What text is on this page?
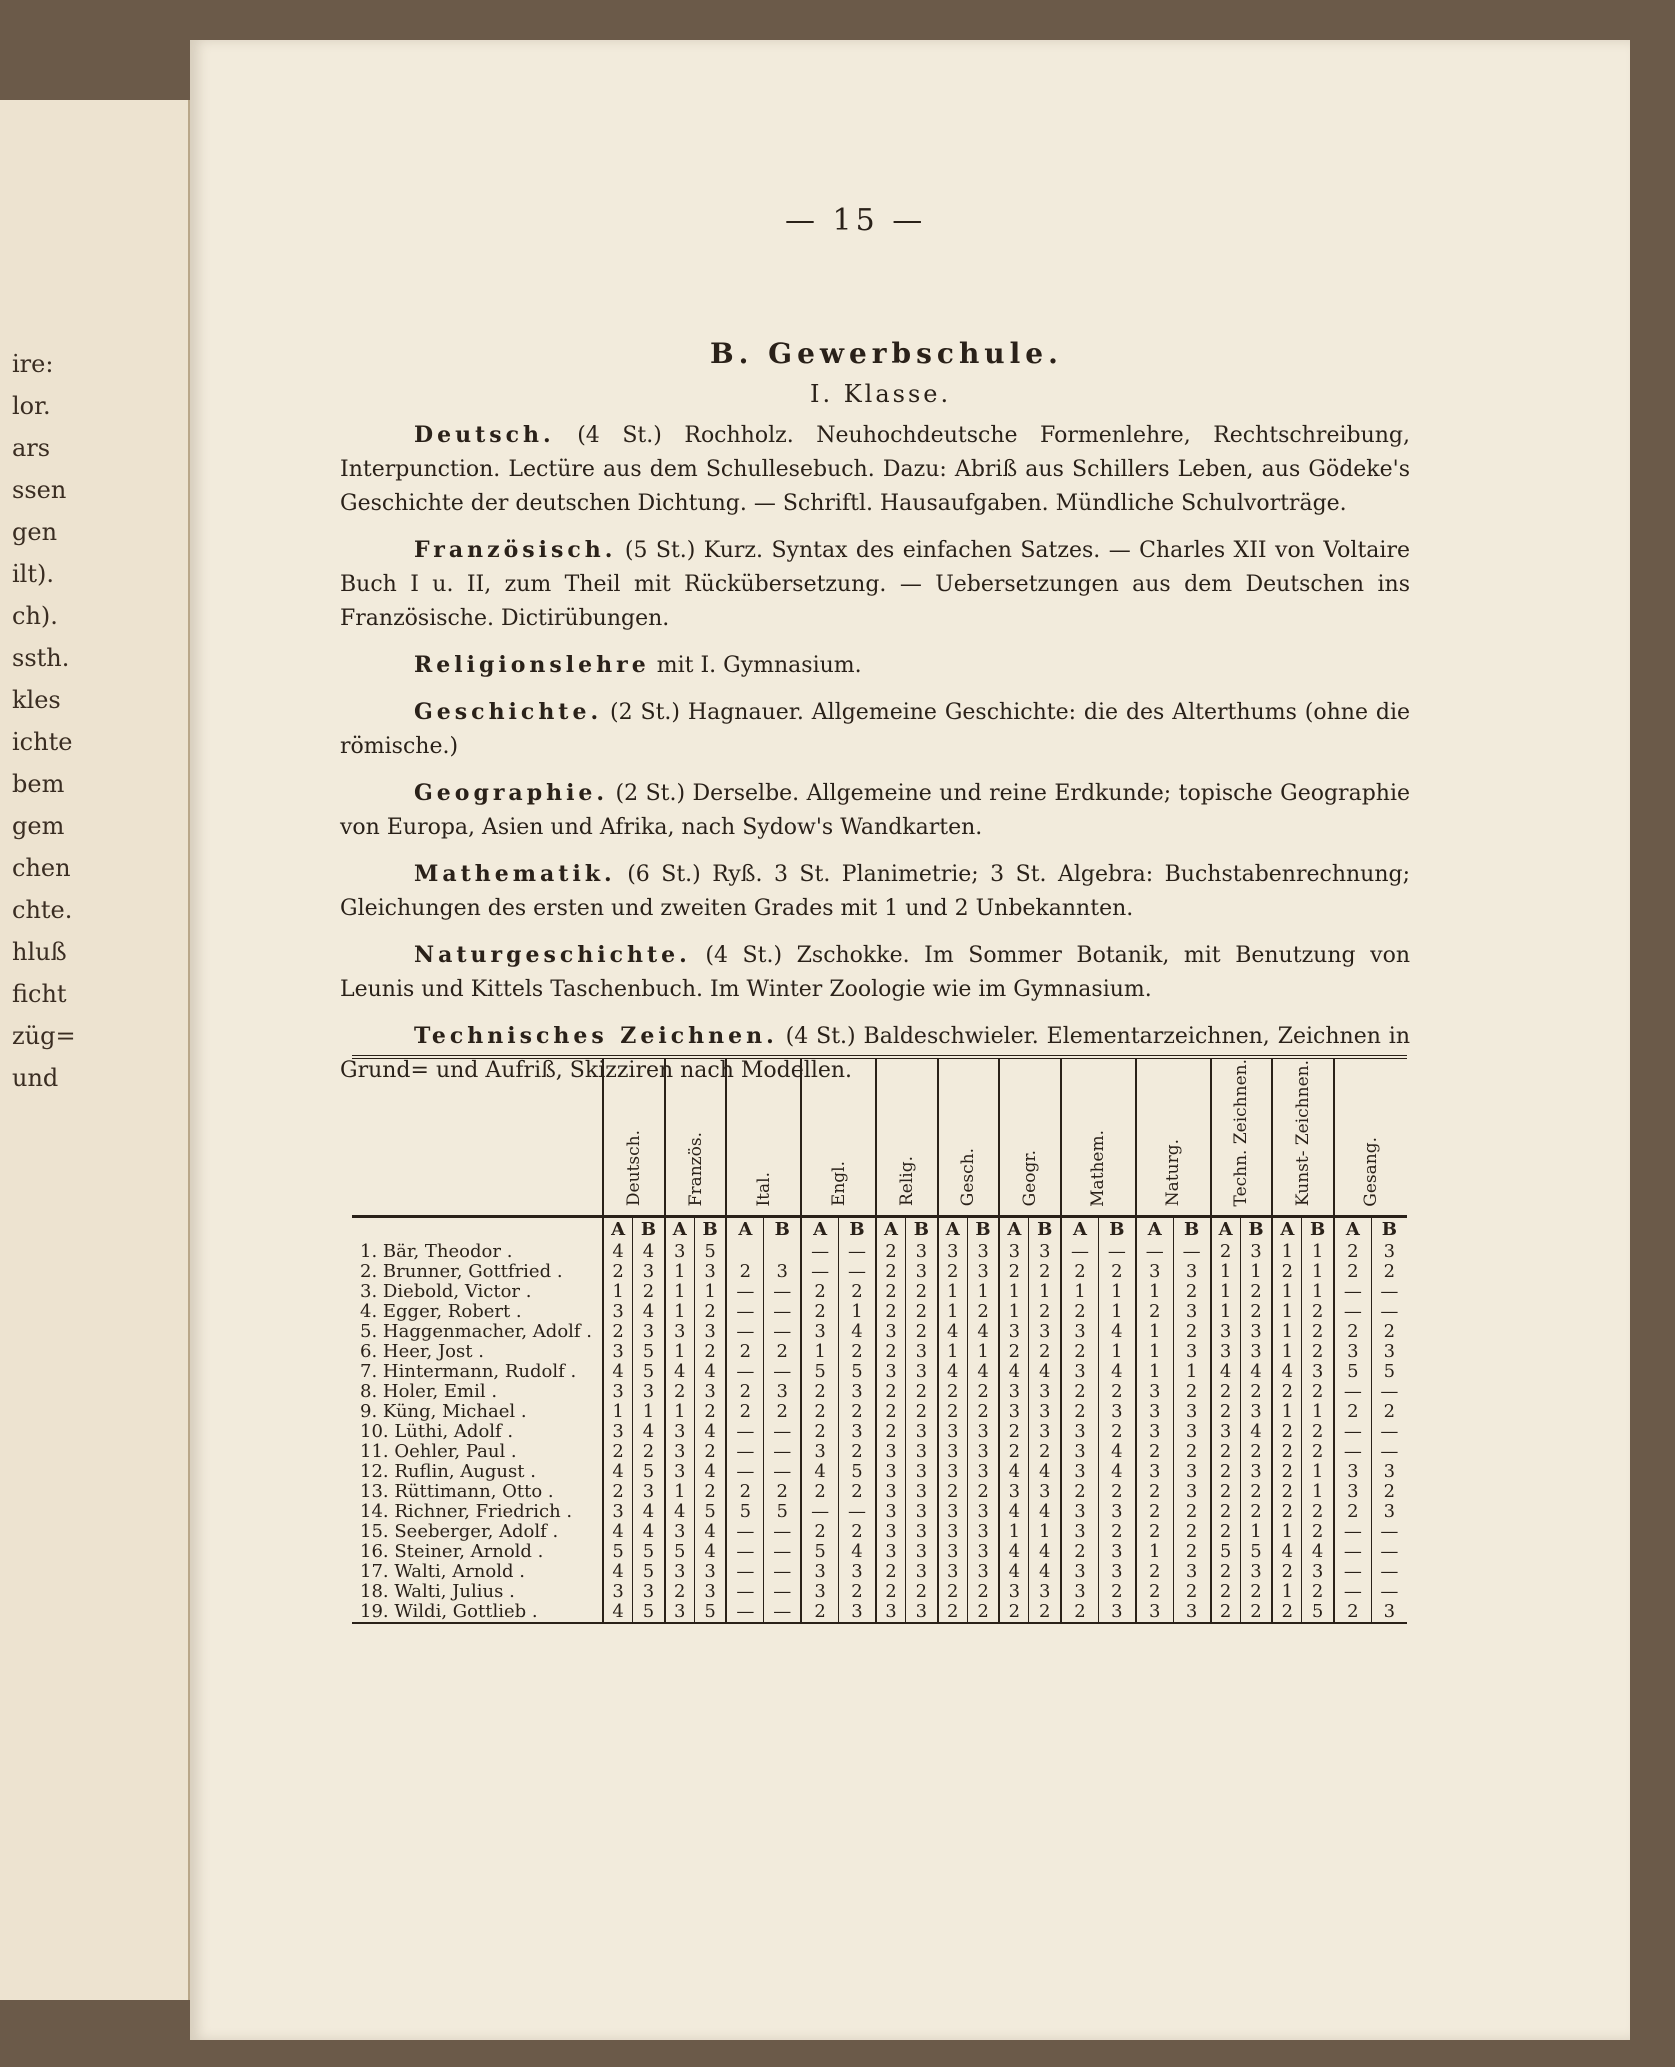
ire:
lor.
ars
ssen
gen
ilt).
ch).
ssth.
kles
ichte
bem
gem
chen
chte.
hluß
ficht
züg=
und
— 15 —
B. Gewerbschule.
I. Klasse.

Deutsch. (4 St.) Rochholz. Neuhochdeutsche Formenlehre, Rechtschreibung, Interpunction. Lectüre aus dem Schullesebuch. Dazu: Abriß aus Schillers Leben, aus Gödeke's Geschichte der deutschen Dichtung. — Schriftl. Hausaufgaben. Mündliche Schulvorträge.

Französisch. (5 St.) Kurz. Syntax des einfachen Satzes. — Charles XII von Voltaire Buch I u. II, zum Theil mit Rückübersetzung. — Uebersetzungen aus dem Deutschen ins Französische. Dictirübungen.

Religionslehre mit I. Gymnasium.

Geschichte. (2 St.) Hagnauer. Allgemeine Geschichte: die des Alterthums (ohne die römische.)

Geographie. (2 St.) Derselbe. Allgemeine und reine Erdkunde; topische Geographie von Europa, Asien und Afrika, nach Sydow's Wandkarten.

Mathematik. (6 St.) Ryß. 3 St. Planimetrie; 3 St. Algebra: Buchstabenrechnung; Gleichungen des ersten und zweiten Grades mit 1 und 2 Unbekannten.

Naturgeschichte. (4 St.) Zschokke. Im Sommer Botanik, mit Benutzung von Leunis und Kittels Taschenbuch. Im Winter Zoologie wie im Gymnasium.

Technisches Zeichnen. (4 St.) Baldeschwieler. Elementarzeichnen, Zeichnen in Grund= und Aufriß, Skizziren nach Modellen.

	Deutsch.		Französ.		Ital.		Engl.		Relig.		Gesch.		Geogr.		Mathem.		Naturg.		Techn. Zeichnen.		Kunst- Zeichnen.		Gesang.	
	A	B	A	B	A	B	A	B	A	B	A	B	A	B	A	B	A	B	A	B	A	B	A	B
1. Bär, Theodor .	4	4	3	5			—	—	2	3	3	3	3	3	—	—	—	—	2	3	1	1	2	3
2. Brunner, Gottfried .	2	3	1	3	2	3	—	—	2	3	2	3	2	2	2	2	3	3	1	1	2	1	2	2
3. Diebold, Victor .	1	2	1	1	—	—	2	2	2	2	1	1	1	1	1	1	1	2	1	2	1	1	—	—
4. Egger, Robert .	3	4	1	2	—	—	2	1	2	2	1	2	1	2	2	1	2	3	1	2	1	2	—	—
5. Haggenmacher, Adolf .	2	3	3	3	—	—	3	4	3	2	4	4	3	3	3	4	1	2	3	3	1	2	2	2
6. Heer, Jost .	3	5	1	2	2	2	1	2	2	3	1	1	2	2	2	1	1	3	3	3	1	2	3	3
7. Hintermann, Rudolf .	4	5	4	4	—	—	5	5	3	3	4	4	4	4	3	4	1	1	4	4	4	3	5	5
8. Holer, Emil .	3	3	2	3	2	3	2	3	2	2	2	2	3	3	2	2	3	2	2	2	2	2	—	—
9. Küng, Michael .	1	1	1	2	2	2	2	2	2	2	2	2	3	3	2	3	3	3	2	3	1	1	2	2
10. Lüthi, Adolf .	3	4	3	4	—	—	2	3	2	3	3	3	2	3	3	2	3	3	3	4	2	2	—	—
11. Oehler, Paul .	2	2	3	2	—	—	3	2	3	3	3	3	2	2	3	4	2	2	2	2	2	2	—	—
12. Ruflin, August .	4	5	3	4	—	—	4	5	3	3	3	3	4	4	3	4	3	3	2	3	2	1	3	3
13. Rüttimann, Otto .	2	3	1	2	2	2	2	2	3	3	2	2	3	3	2	2	2	3	2	2	2	1	3	2
14. Richner, Friedrich .	3	4	4	5	5	5	—	—	3	3	3	3	4	4	3	3	2	2	2	2	2	2	2	3
15. Seeberger, Adolf .	4	4	3	4	—	—	2	2	3	3	3	3	1	1	3	2	2	2	2	1	1	2	—	—
16. Steiner, Arnold .	5	5	5	4	—	—	5	4	3	3	3	3	4	4	2	3	1	2	5	5	4	4	—	—
17. Walti, Arnold .	4	5	3	3	—	—	3	3	2	3	3	3	4	4	3	3	2	3	2	3	2	3	—	—
18. Walti, Julius .	3	3	2	3	—	—	3	2	2	2	2	2	3	3	3	2	2	2	2	2	1	2	—	—
19. Wildi, Gottlieb .	4	5	3	5	—	—	2	3	3	3	2	2	2	2	2	3	3	3	2	2	2	5	2	3
